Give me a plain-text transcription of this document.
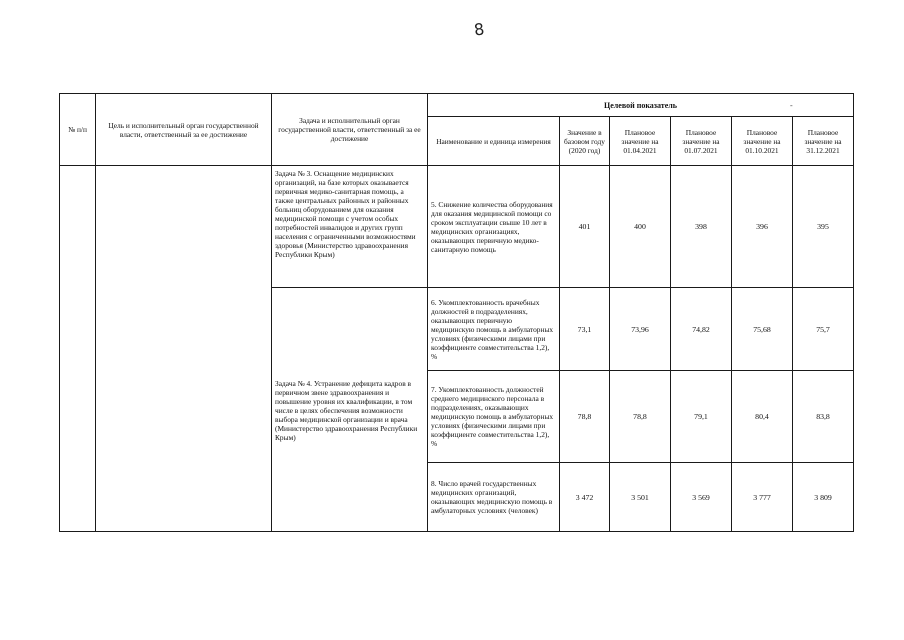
8
-
№ п/п	Цель и исполнительный орган государственной власти, ответственный за ее достижение	Задача и исполнительный орган государственной власти, ответственный за ее достижение	Целевой показатель					
			Наименование и единица измерения	Значение в базовом году (2020 год)	Плановое значение на 01.04.2021	Плановое значение на 01.07.2021	Плановое значение на 01.10.2021	Плановое значение на 31.12.2021
		Задача № 3. Оснащение медицинских организаций, на базе которых оказывается первичная медико-санитарная помощь, а также центральных районных и районных больниц оборудованием для оказания медицинской помощи с учетом особых потребностей инвалидов и других групп населения с ограниченными возможностями здоровья (Министерство здравоохранения Республики Крым)	5. Снижение количества оборудования для оказания медицинской помощи со сроком эксплуатации свыше 10 лет в медицинских организациях, оказывающих первичную медико-санитарную помощь	401	400	398	396	395
		Задача № 4. Устранение дефицита кадров в первичном звене здравоохранения и повышение уровня их квалификации, в том числе в целях обеспечения возможности выбора медицинской организации и врача (Министерство здравоохранения Республики Крым)	6. Укомплектованность врачебных должностей в подразделениях, оказывающих первичную медицинскую помощь в амбулаторных условиях (физическими лицами при коэффициенте совместительства 1,2), %	73,1	73,96	74,82	75,68	75,7
			7. Укомплектованность должностей среднего медицинского персонала в подразделениях, оказывающих медицинскую помощь в амбулаторных условиях (физическими лицами при коэффициенте совместительства 1,2), %	78,8	78,8	79,1	80,4	83,8
			8. Число врачей государственных медицинских организаций, оказывающих медицинскую помощь в амбулаторных условиях (человек)	3 472	3 501	3 569	3 777	3 809
